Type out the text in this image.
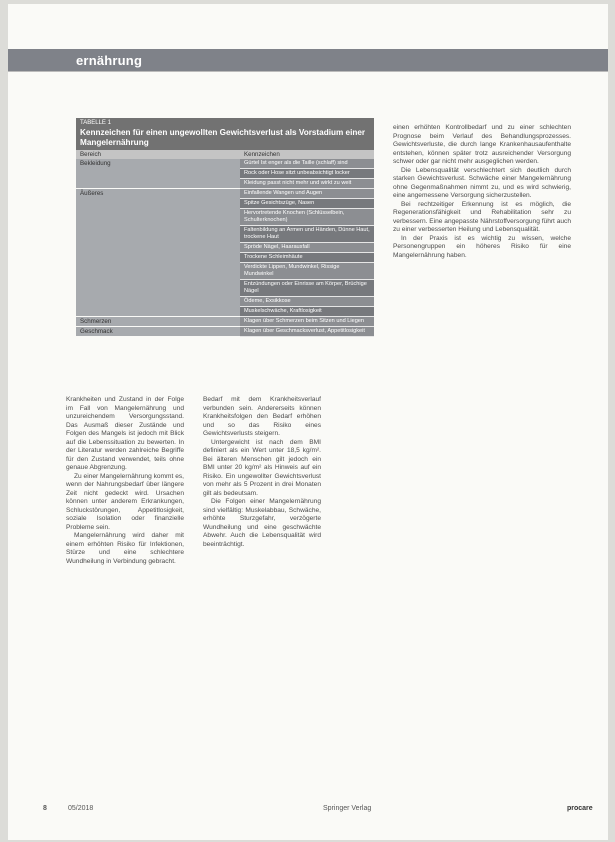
ernährung
TABELLE 1
Kennzeichen für einen ungewollten Gewichtsverlust als Vorstadium einer Mangelernährung
Bereich	Kennzeichen
Bekleidung	Gürtel Ist enger als die Taille (schlaff) sind
Rock oder Hose sitzt unbeabsichtigt locker
Kleidung passt nicht mehr und wirkt zu weit
Äußeres	Einfallende Wangen und Augen
Spitze Gesichtszüge, Nasen
Hervortretende Knochen (Schlüsselbein, Schulterknochen)
Faltenbildung an Armen und Händen, Dünne Haut, trockene Haut
Spröde Nägel, Haarausfall
Trockene Schleimhäute
Verdickte Lippen, Mundwinkel, Rissige Mundwinkel
Entzündungen oder Einrisse am Körper, Brüchige Nägel
Ödeme, Exsikkose
Muskelschwäche, Kraftlosigkeit
Schmerzen	Klagen über Schmerzen beim Sitzen und Liegen
Geschmack	Klagen über Geschmacksverlust, Appetitlosigkeit

Krankheiten und Zustand in der Folge im Fall von Mangelernährung und unzureichendem Versorgungsstand. Das Ausmaß dieser Zustände und Folgen des Mangels ist jedoch mit Blick auf die Lebenssituation zu bewerten. In der Literatur werden zahlreiche Begriffe für den Zustand verwendet, teils ohne genaue Abgrenzung.

Zu einer Mangelernährung kommt es, wenn der Nahrungsbedarf über längere Zeit nicht gedeckt wird. Ursachen können unter anderem Erkrankungen, Schluckstörungen, Appetitlosigkeit, soziale Isolation oder finanzielle Probleme sein.

Mangelernährung wird daher mit einem erhöhten Risiko für Infektionen, Stürze und eine schlechtere Wundheilung in Verbindung gebracht.

Bedarf mit dem Krankheitsverlauf verbunden sein. Andererseits können Krankheitsfolgen den Bedarf erhöhen und so das Risiko eines Gewichtsverlusts steigern.

Untergewicht ist nach dem BMI definiert als ein Wert unter 18,5 kg/m². Bei älteren Menschen gilt jedoch ein BMI unter 20 kg/m² als Hinweis auf ein Risiko. Ein ungewollter Gewichtsverlust von mehr als 5 Prozent in drei Monaten gilt als bedeutsam.

Die Folgen einer Mangelernährung sind vielfältig: Muskelabbau, Schwäche, erhöhte Sturzgefahr, verzögerte Wundheilung und eine geschwächte Abwehr. Auch die Lebensqualität wird beeinträchtigt.

einen erhöhten Kontrollbedarf und zu einer schlechten Prognose beim Verlauf des Behandlungsprozesses. Gewichtsverluste, die durch lange Krankenhausaufenthalte entstehen, können später trotz ausreichender Versorgung schwer oder gar nicht mehr ausgeglichen werden.

Die Lebensqualität verschlechtert sich deutlich durch starken Gewichtsverlust. Schwäche einer Mangelernährung ohne Gegenmaßnahmen nimmt zu, und es wird schwierig, eine angemessene Versorgung sicherzustellen.

Bei rechtzeitiger Erkennung ist es möglich, die Regenerationsfähigkeit und Rehabilitation sehr zu verbessern. Eine angepasste Nährstoffversorgung führt auch zu einer verbesserten Heilung und Lebensqualität.

In der Praxis ist es wichtig zu wissen, welche Personengruppen ein höheres Risiko für eine Mangelernährung haben.

8	05/2018	Springer Verlag	procare
